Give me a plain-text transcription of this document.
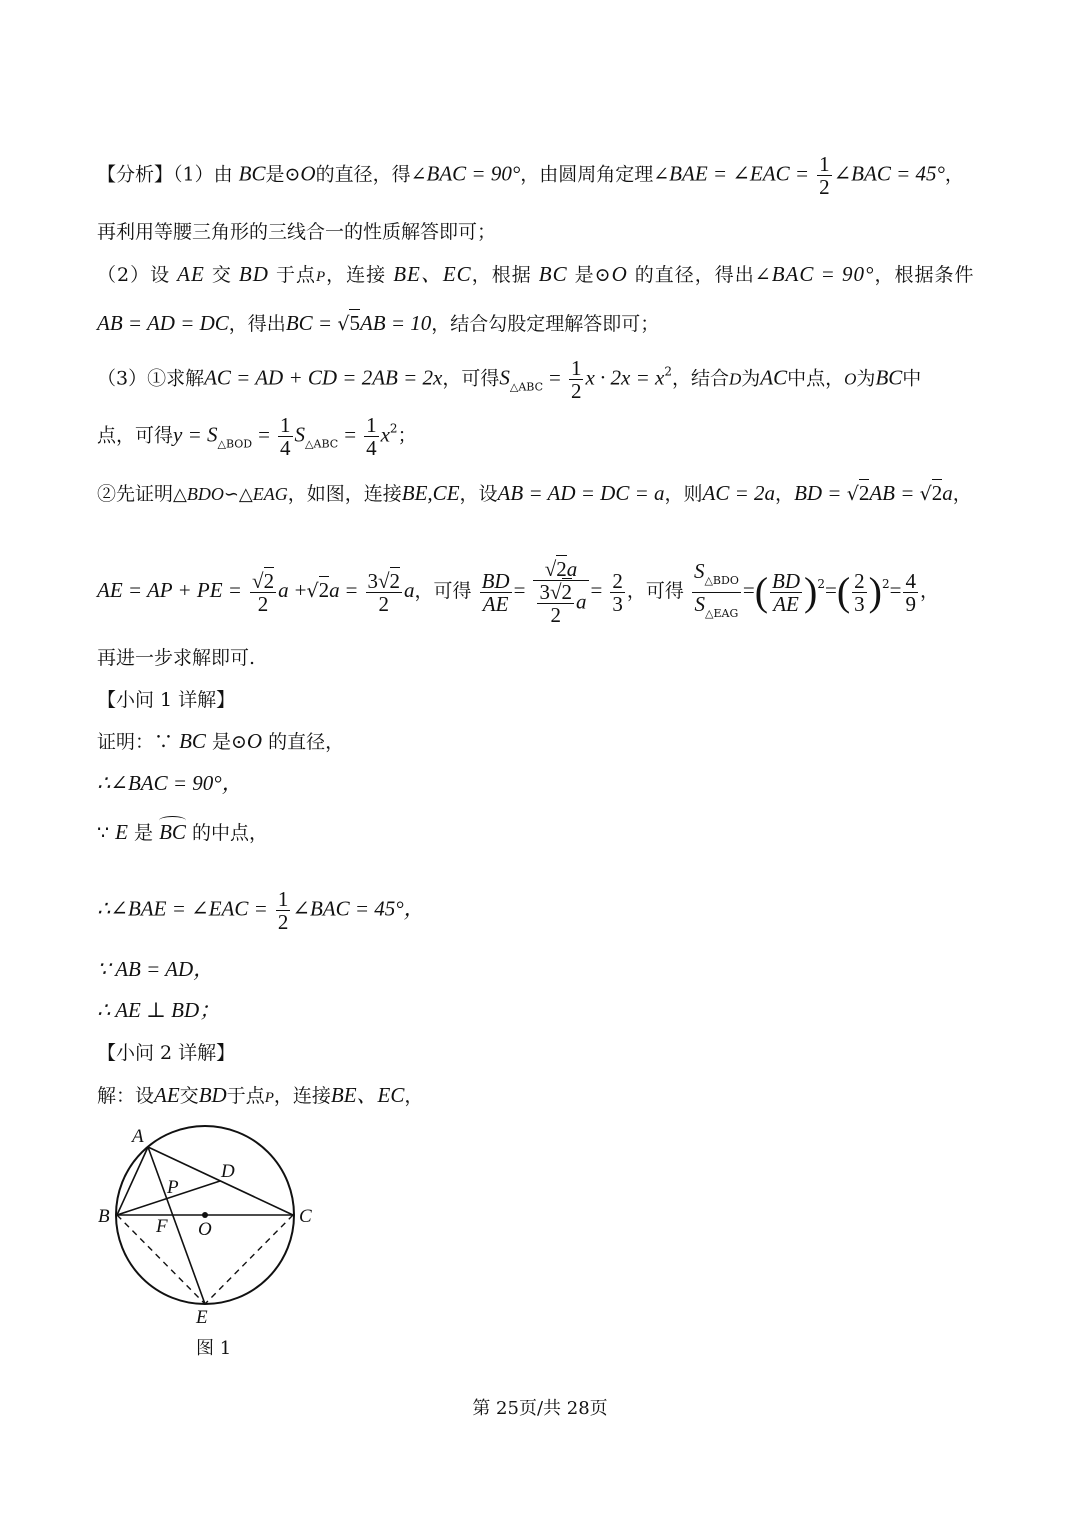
【分析】（1）由 BC是⊙O的直径，得∠BAC = 90°，由圆周角定理∠BAE = ∠EAC = $\frac{1}{2}$ ∠BAC = 45°，
再利用等腰三角形的三线合一的性质解答即可；
（2）设 AE 交 BD 于点P，连接 BE、EC，根据 BC 是⊙O 的直径，得出∠BAC = 90°，根据条件
AB = AD = DC，得出BC = √5AB = 10，结合勾股定理解答即可；
（3）①求解AC = AD + CD = 2AB = 2x，可得$S_{\triangle ABC} = \frac{1}{2}$ $x \cdot 2x = x^2$，结合D为AC中点，O为BC中
点，可得$y = S_{\triangle BOD} = \frac{1}{4} S_{\triangle ABC} = \frac{1}{4} x^2$；
②先证明△BDO∽△EAG，如图，连接BE,CE，设AB = AD = DC = a，则AC = 2a，BD = √2AB = √2a，
AE = AP + PE = $\frac{√2}{2}$ $a +√2a = \frac{3√2}{2}$ a，可得 $\frac{BD}{AE} = \frac{√2a}{\frac{3√2}{2} a} = \frac{2}{3}$ ，可得 $\frac{S_{\triangle BDO}}{S_{\triangle EAG}}$ =( $\frac{BD}{AE} )^2=( \frac{2}{3} )^2= \frac{4}{9}$ ，
再进一步求解即可.
【小问 1 详解】
证明：∵ BC 是⊙O 的直径，
∴∠BAC = 90°，
∵ E 是 BC 的中点，
∴∠BAE = ∠EAC = $\frac{1}{2}$ ∠BAC = 45°，
∵ AB = AD，
∴ AE ⊥ BD；
【小问 2 详解】
解：设AE交BD于点P，连接BE、EC，
A
B	C
D
E
F O
P
图 1
第 25页/共 28页
